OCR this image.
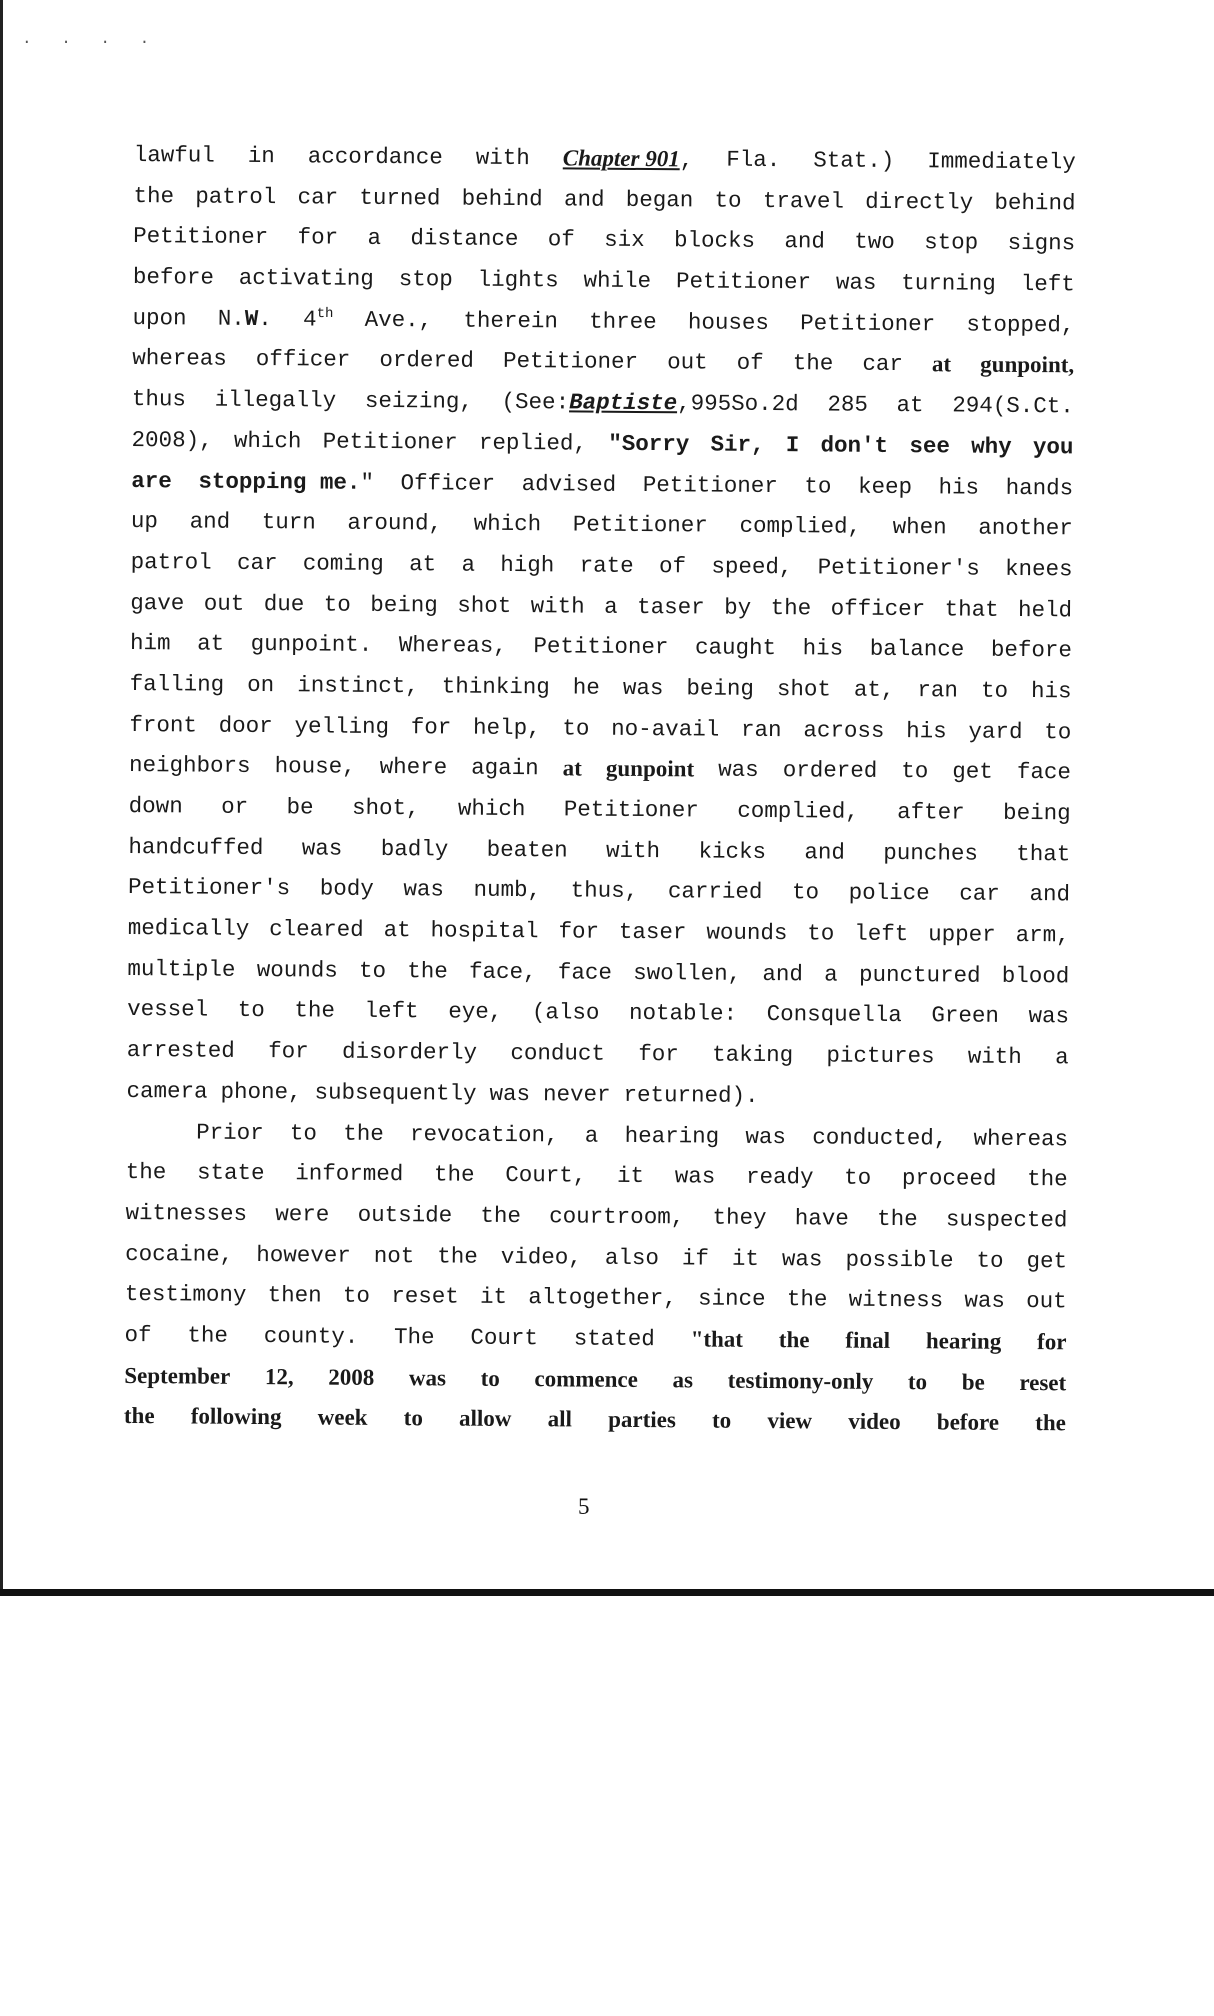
. . . .
lawful in accordance with Chapter 901, Fla. Stat.) Immediately
the patrol car turned behind and began to travel directly behind
Petitioner for a distance of six blocks and two stop signs
before activating stop lights while Petitioner was turning left
upon N.W. 4th Ave., therein three houses Petitioner stopped,
whereas officer ordered Petitioner out of the car at gunpoint,
thus illegally seizing, (See:Baptiste,995So.2d 285 at 294(S.Ct.
2008), which Petitioner replied, "Sorry Sir, I don't see why you
are stopping me." Officer advised Petitioner to keep his hands
up and turn around, which Petitioner complied, when another
patrol car coming at a high rate of speed, Petitioner's knees
gave out due to being shot with a taser by the officer that held
him at gunpoint. Whereas, Petitioner caught his balance before
falling on instinct, thinking he was being shot at, ran to his
front door yelling for help, to no-avail ran across his yard to
neighbors house, where again at gunpoint was ordered to get face
down or be shot, which Petitioner complied, after being
handcuffed was badly beaten with kicks and punches that
Petitioner's body was numb, thus, carried to police car and
medically cleared at hospital for taser wounds to left upper arm,
multiple wounds to the face, face swollen, and a punctured blood
vessel to the left eye, (also notable: Consquella Green was
arrested for disorderly conduct for taking pictures with a
camera phone, subsequently was never returned).
Prior to the revocation, a hearing was conducted, whereas
the state informed the Court, it was ready to proceed the
witnesses were outside the courtroom, they have the suspected
cocaine, however not the video, also if it was possible to get
testimony then to reset it altogether, since the witness was out
of the county. The Court stated "that the final hearing for
September 12, 2008 was to commence as testimony-only to be reset
the following week to allow all parties to view video before the
5
